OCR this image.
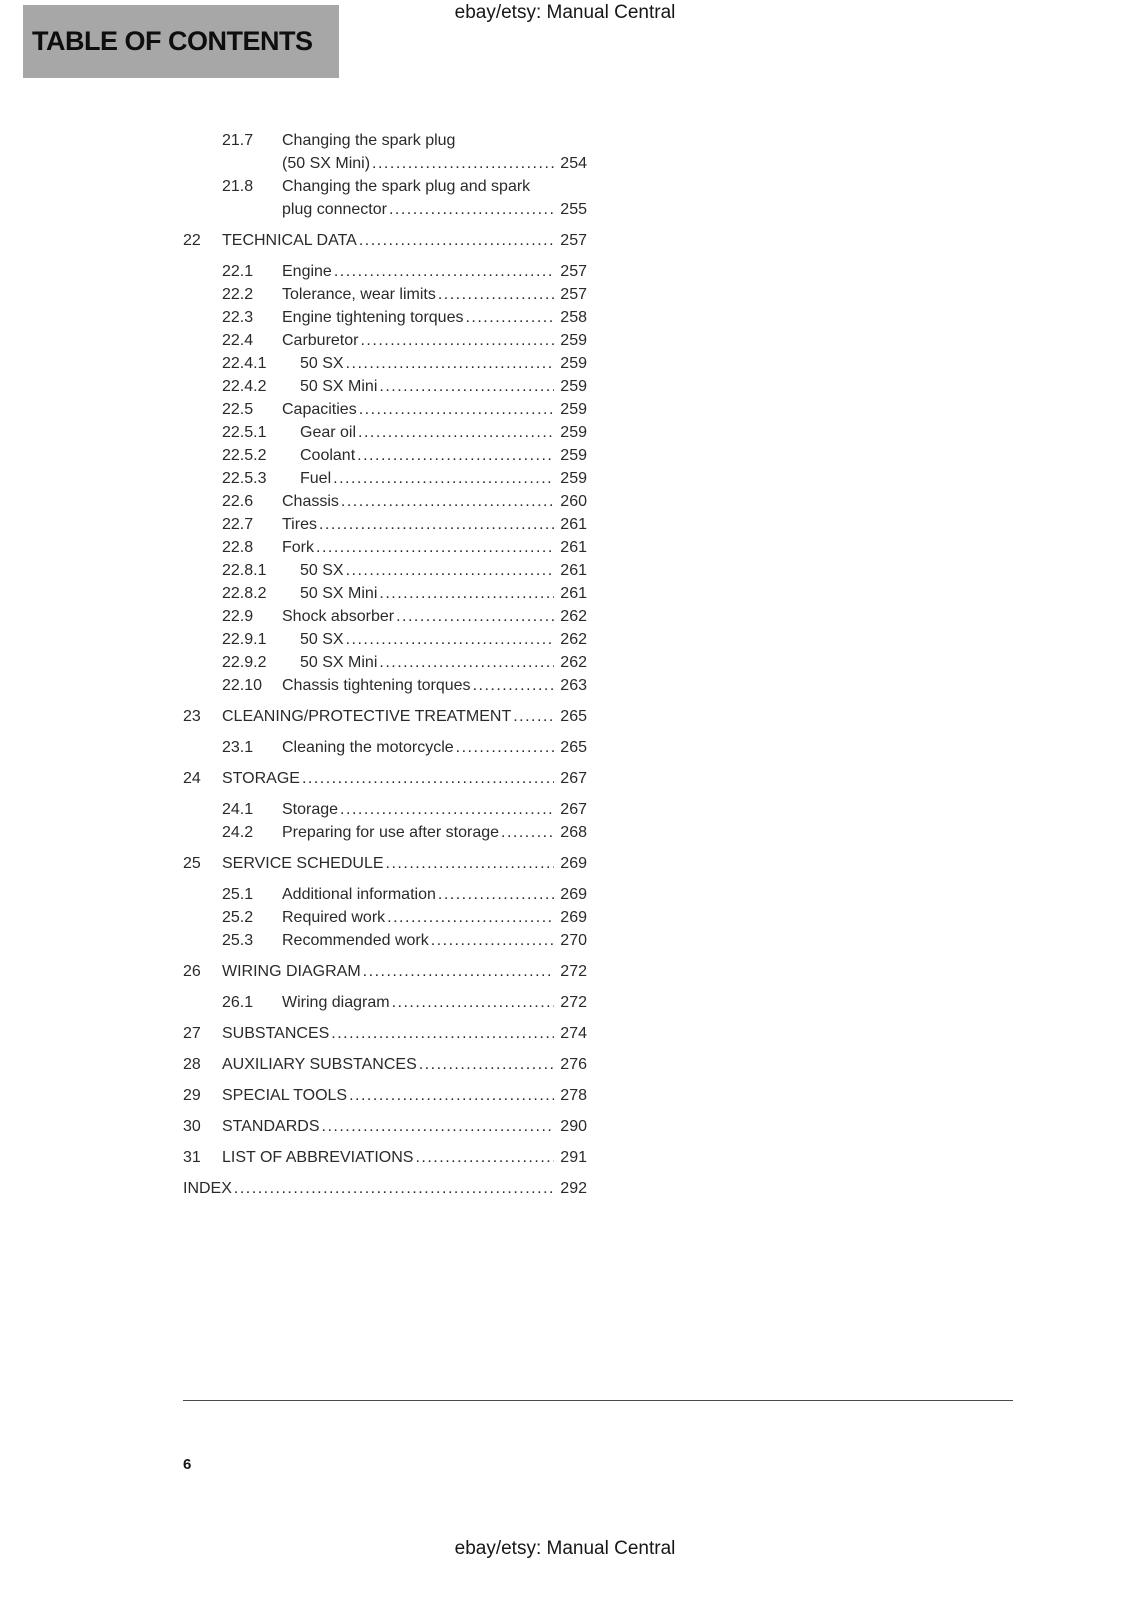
ebay/etsy: Manual Central
TABLE OF CONTENTS
21.7	Changing the spark plug
(50 SX Mini) .....	254
21.8	Changing the spark plug and spark
plug connector .....	255
22	TECHNICAL DATA .....	257
22.1	Engine .....	257
22.2	Tolerance, wear limits .....	257
22.3	Engine tightening torques .....	258
22.4	Carburetor .....	259
22.4.1	50 SX .....	259
22.4.2	50 SX Mini .....	259
22.5	Capacities .....	259
22.5.1	Gear oil .....	259
22.5.2	Coolant .....	259
22.5.3	Fuel .....	259
22.6	Chassis .....	260
22.7	Tires .....	261
22.8	Fork .....	261
22.8.1	50 SX .....	261
22.8.2	50 SX Mini .....	261
22.9	Shock absorber .....	262
22.9.1	50 SX .....	262
22.9.2	50 SX Mini .....	262
22.10	Chassis tightening torques .....	263
23	CLEANING/PROTECTIVE TREATMENT .....	265
23.1	Cleaning the motorcycle .....	265
24	STORAGE .....	267
24.1	Storage .....	267
24.2	Preparing for use after storage .....	268
25	SERVICE SCHEDULE .....	269
25.1	Additional information .....	269
25.2	Required work .....	269
25.3	Recommended work .....	270
26	WIRING DIAGRAM .....	272
26.1	Wiring diagram .....	272
27	SUBSTANCES .....	274
28	AUXILIARY SUBSTANCES .....	276
29	SPECIAL TOOLS .....	278
30	STANDARDS .....	290
31	LIST OF ABBREVIATIONS .....	291
INDEX .....	292
6
ebay/etsy: Manual Central
